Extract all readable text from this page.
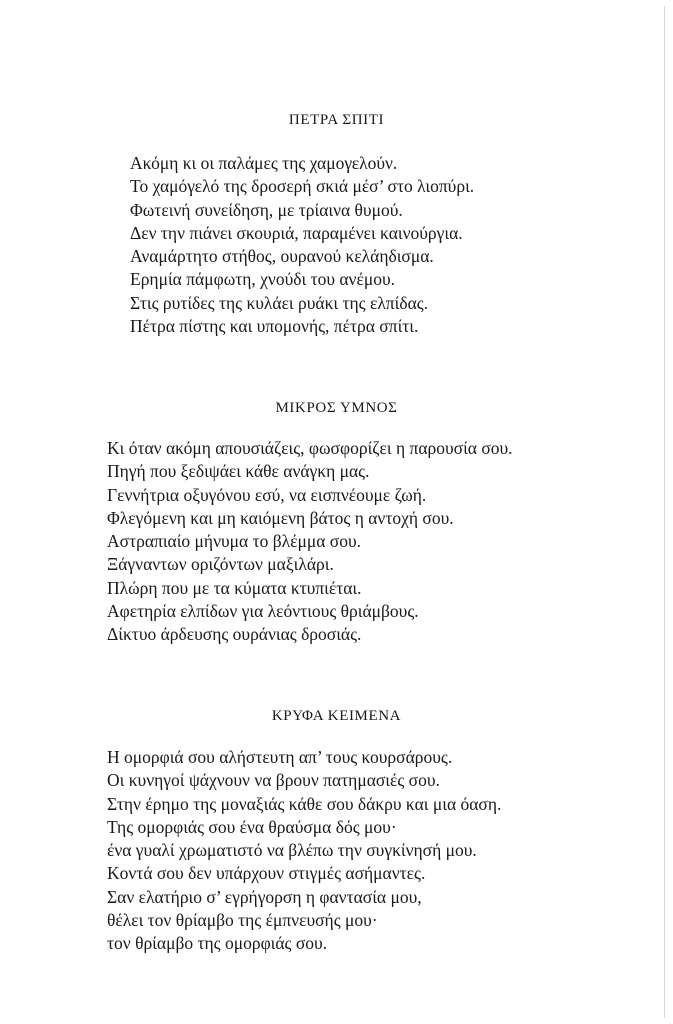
ΠΕΤΡΑ ΣΠΙΤΙ
Ακόμη κι οι παλάμες της χαμογελούν.
Το χαμόγελό της δροσερή σκιά μέσ’ στο λιοπύρι.
Φωτεινή συνείδηση, με τρίαινα θυμού.
Δεν την πιάνει σκουριά, παραμένει καινούργια.
Αναμάρτητο στήθος, ουρανού κελάηδισμα.
Ερημία πάμφωτη, χνούδι του ανέμου.
Στις ρυτίδες της κυλάει ρυάκι της ελπίδας.
Πέτρα πίστης και υπομονής, πέτρα σπίτι.
ΜΙΚΡΟΣ ΥΜΝΟΣ
Κι όταν ακόμη απουσιάζεις, φωσφορίζει η παρουσία σου.
Πηγή που ξεδιψάει κάθε ανάγκη μας.
Γεννήτρια οξυγόνου εσύ, να εισπνέουμε ζωή.
Φλεγόμενη και μη καιόμενη βάτος η αντοχή σου.
Αστραπιαίο μήνυμα το βλέμμα σου.
Ξάγναντων οριζόντων μαξιλάρι.
Πλώρη που με τα κύματα κτυπιέται.
Αφετηρία ελπίδων για λεόντιους θριάμβους.
Δίκτυο άρδευσης ουράνιας δροσιάς.
ΚΡΥΦΑ ΚΕΙΜΕΝΑ
Η ομορφιά σου αλήστευτη απ’ τους κουρσάρους.
Οι κυνηγοί ψάχνουν να βρουν πατημασιές σου.
Στην έρημο της μοναξιάς κάθε σου δάκρυ και μια όαση.
Της ομορφιάς σου ένα θραύσμα δός μου·
ένα γυαλί χρωματιστό να βλέπω την συγκίνησή μου.
Κοντά σου δεν υπάρχουν στιγμές ασήμαντες.
Σαν ελατήριο σ’ εγρήγορση η φαντασία μου,
θέλει τον θρίαμβο της έμπνευσής μου·
τον θρίαμβο της ομορφιάς σου.
